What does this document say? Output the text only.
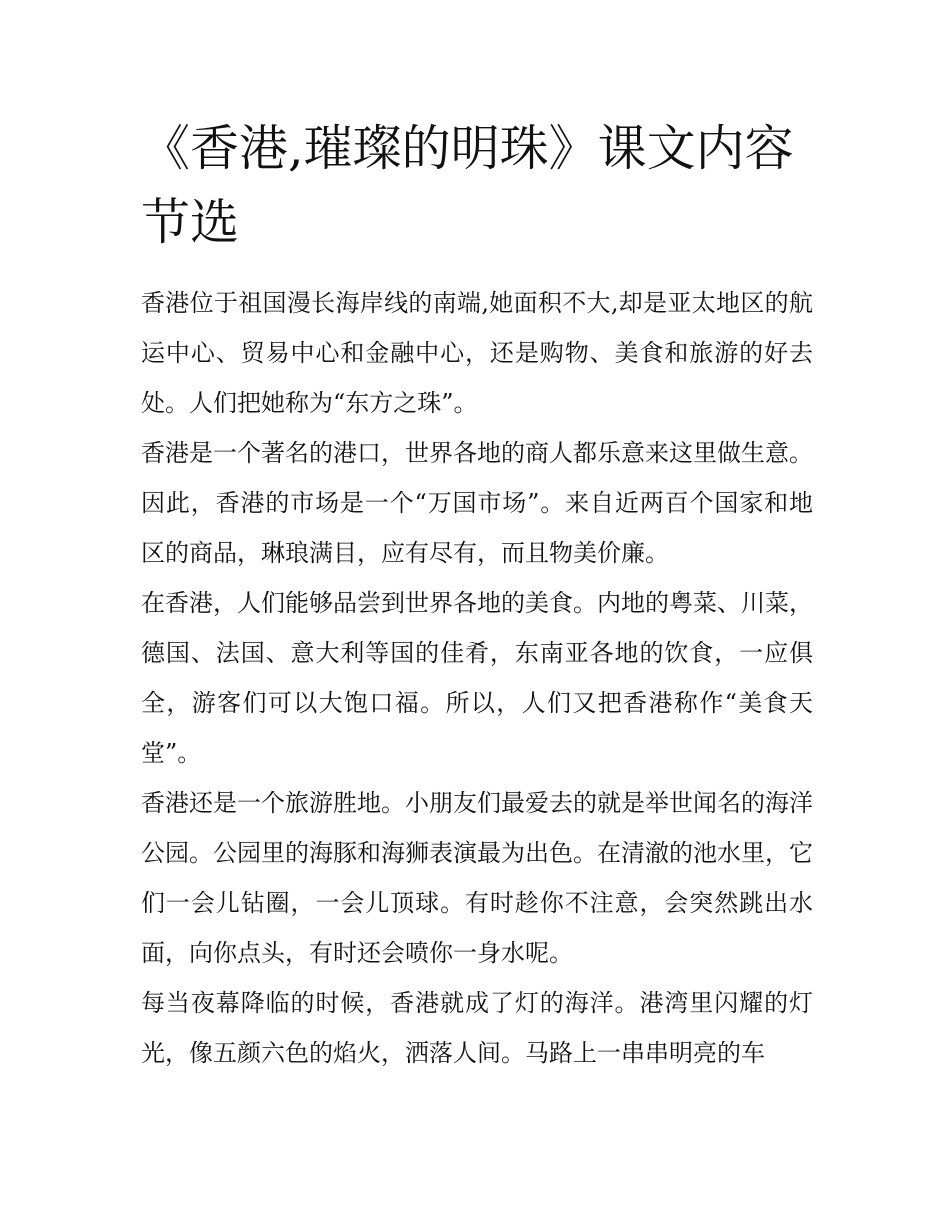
《香港,璀璨的明珠》课文内容节选

香港位于祖国漫长海岸线的南端,她面积不大,却是亚太地区的航运中心、贸易中心和金融中心，还是购物、美食和旅游的好去处。人们把她称为“东方之珠”。

香港是一个著名的港口，世界各地的商人都乐意来这里做生意。因此，香港的市场是一个“万国市场”。来自近两百个国家和地区的商品，琳琅满目，应有尽有，而且物美价廉。

在香港，人们能够品尝到世界各地的美食。内地的粤菜、川菜，德国、法国、意大利等国的佳肴，东南亚各地的饮食，一应俱全，游客们可以大饱口福。所以，人们又把香港称作“美食天堂”。

香港还是一个旅游胜地。小朋友们最爱去的就是举世闻名的海洋公园。公园里的海豚和海狮表演最为出色。在清澈的池水里，它们一会儿钻圈，一会儿顶球。有时趁你不注意，会突然跳出水面，向你点头，有时还会喷你一身水呢。

每当夜幕降临的时候，香港就成了灯的海洋。港湾里闪耀的灯光，像五颜六色的焰火，洒落人间。马路上一串串明亮的车
